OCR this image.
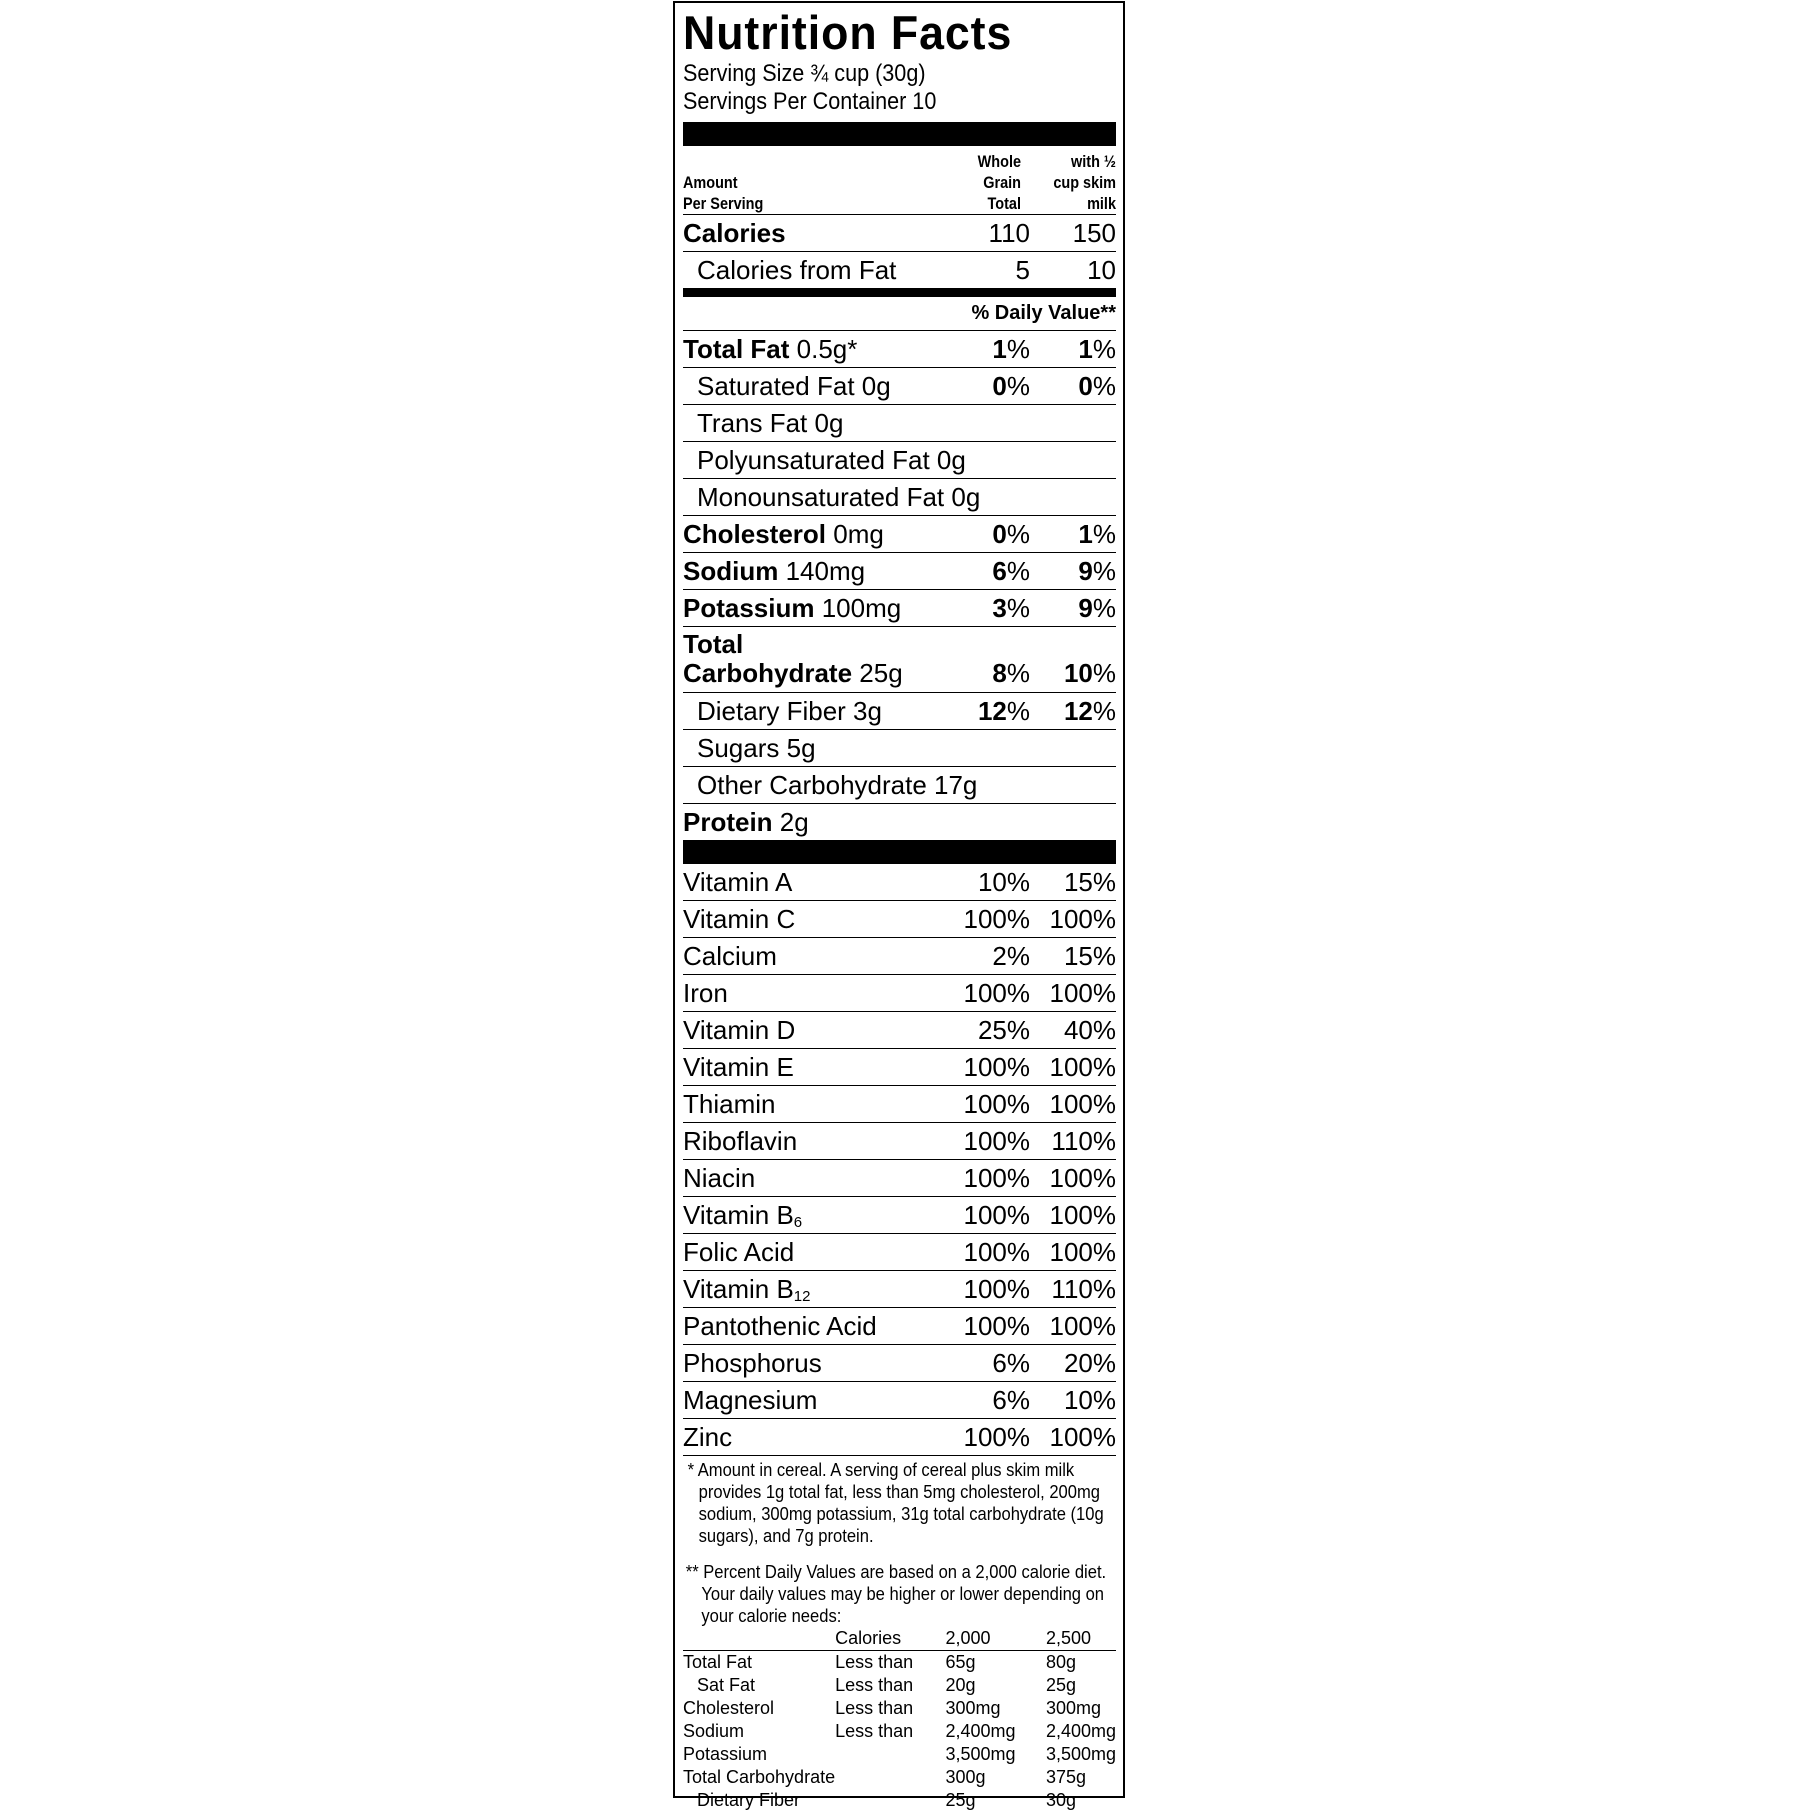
Nutrition Facts
Serving Size ¾ cup (30g)
Servings Per Container 10
Amount
Per Serving
Whole
Grain
Total
with ½
cup skim
milk
Calories	110	150
Calories from Fat	5	10
% Daily Value**
Total Fat 0.5g*	1%	1%
Saturated Fat 0g	0%	0%
Trans Fat 0g
Polyunsaturated Fat 0g
Monounsaturated Fat 0g
Cholesterol 0mg	0%	1%
Sodium 140mg	6%	9%
Potassium 100mg	3%	9%
Total
Carbohydrate 25g	8%	10%
Dietary Fiber 3g	12%	12%
Sugars 5g
Other Carbohydrate 17g
Protein 2g
Vitamin A	10%	15%
Vitamin C	100% 100%
Calcium	2%	15%
Iron	100% 100%
Vitamin D	25%	40%
Vitamin E	100% 100%
Thiamin	100% 100%
Riboflavin	100% 110%
Niacin	100% 100%
Vitamin $B_6$	100% 100%
Folic Acid	100% 100%
Vitamin $B_{12}$	100% 110%
Pantothenic Acid	100% 100%
Phosphorus	6%	20%
Magnesium	6%	10%
Zinc	100% 100%

* Amount in cereal. A serving of cereal plus skim milk provides 1g total fat, less than 5mg cholesterol, 200mg sodium, 300mg potassium, 31g total carbohydrate (10g sugars), and 7g protein.

** Percent Daily Values are based on a 2,000 calorie diet. Your daily values may be higher or lower depending on your calorie needs:

	Calories	2,000	2,500
Total Fat	Less than	65g	80g
Sat Fat	Less than	20g	25g
Cholesterol	Less than	300mg	300mg
Sodium	Less than	2,400mg	2,400mg
Potassium		3,500mg	3,500mg
Total Carbohydrate		300g	375g
Dietary Fiber		25g	30g
